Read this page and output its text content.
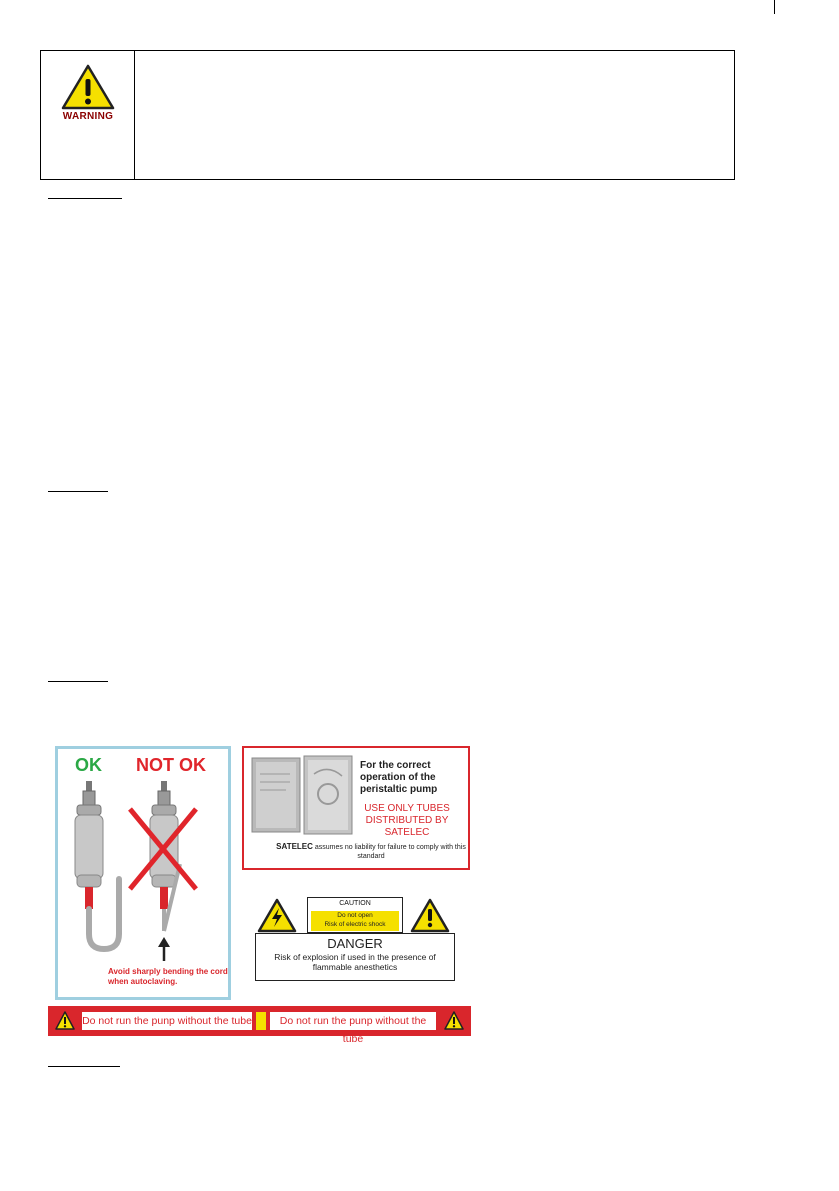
WARNING
OK NOT OK
Avoid sharply bending the cord when autoclaving.
For the correct operation of the peristaltic pump
USE ONLY TUBES DISTRIBUTED BY SATELEC
SATELEC assumes no liability for failure to comply with this standard
CAUTION
Do not open
Risk of electric shock
DANGER
Risk of explosion if used in the presence of flammable anesthetics
Do not run the punp without the tube	Do not run the punp without the tube
